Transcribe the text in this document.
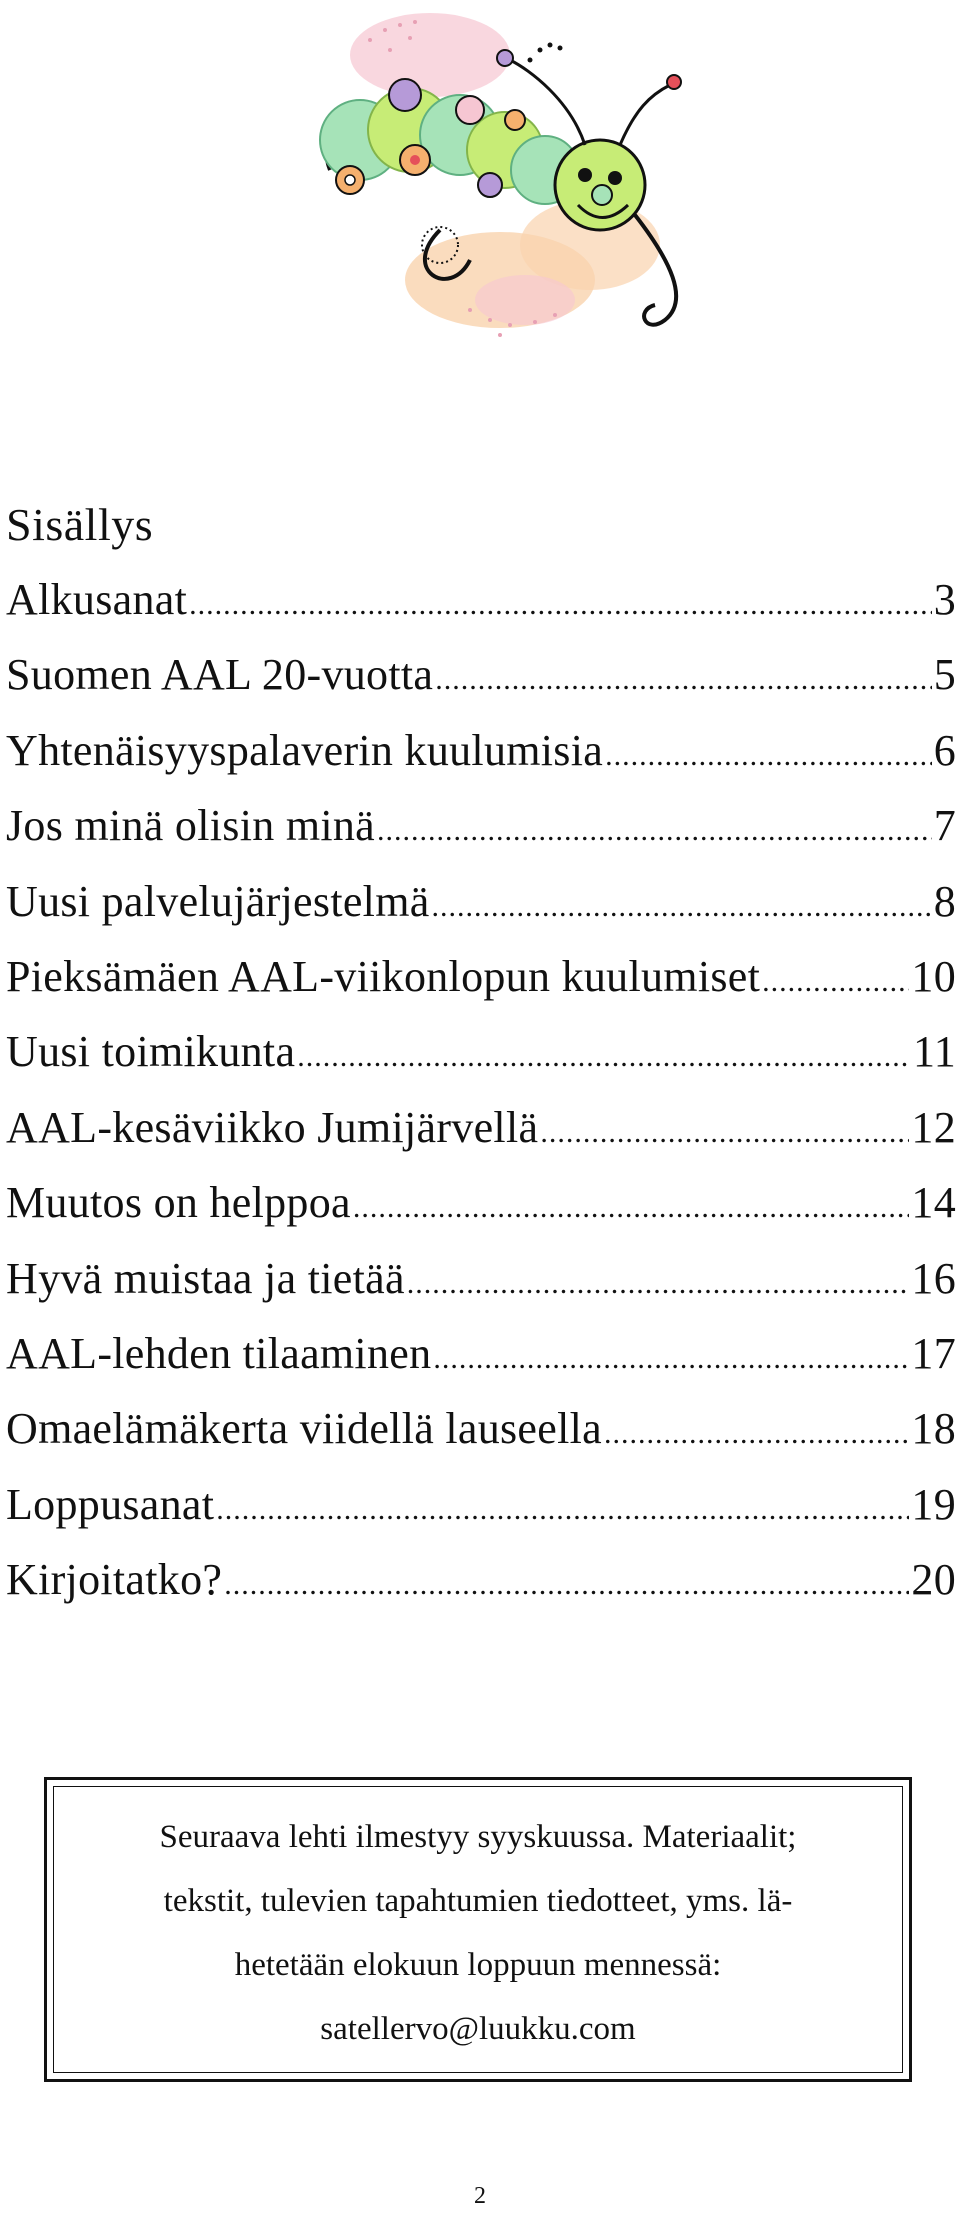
Sisällys
Alkusanat .....	3
Suomen AAL 20-vuotta .....	5
Yhtenäisyyspalaverin kuulumisia .....	6
Jos minä olisin minä .....	7
Uusi palvelujärjestelmä .....	8
Pieksämäen AAL-viikonlopun kuulumiset .....	10
Uusi toimikunta .....	11
AAL-kesäviikko Jumijärvellä .....	12
Muutos on helppoa .....	14
Hyvä muistaa ja tietää .....	16
AAL-lehden tilaaminen .....	17
Omaelämäkerta viidellä lauseella .....	18
Loppusanat .....	19
Kirjoitatko? .....	20
Seuraava lehti ilmestyy syyskuussa. Materiaalit;
tekstit, tulevien tapahtumien tiedotteet, yms. lä-
hetetään elokuun loppuun mennessä:
satellervo@luukku.com
2
